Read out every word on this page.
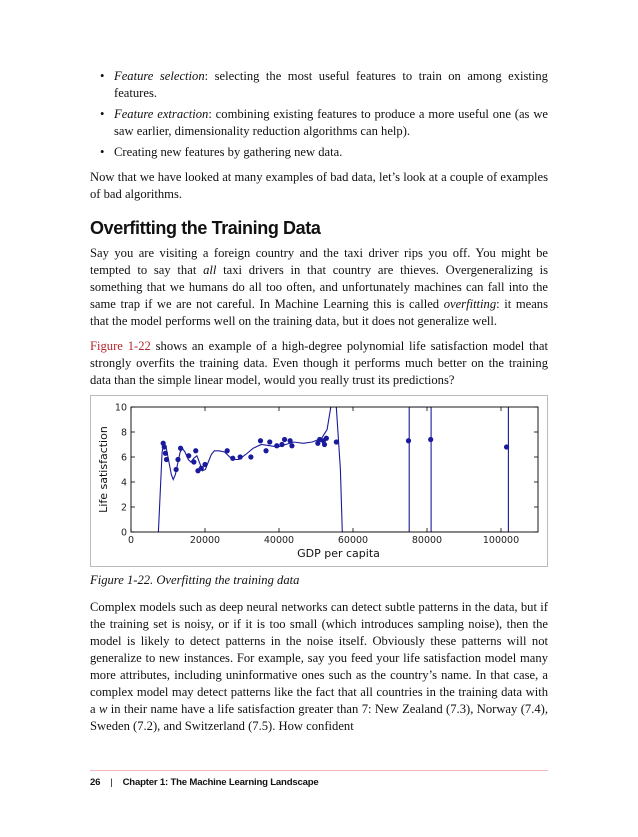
• Feature selection: selecting the most useful features to train on among existing features.
• Feature extraction: combining existing features to produce a more useful one (as we saw earlier, dimensionality reduction algorithms can help).
• Creating new features by gathering new data.

Now that we have looked at many examples of bad data, let’s look at a couple of examples of bad algorithms.

Overfitting the Training Data

Say you are visiting a foreign country and the taxi driver rips you off. You might be tempted to say that all taxi drivers in that country are thieves. Overgeneralizing is something that we humans do all too often, and unfortunately machines can fall into the same trap if we are not careful. In Machine Learning this is called overfitting: it means that the model performs well on the training data, but it does not generalize well.

Figure 1-22 shows an example of a high-degree polynomial life satisfaction model that strongly overfits the training data. Even though it performs much better on the training data than the simple linear model, would you really trust its predictions?

0	20000	40000	60000	80000	100000
0
2
4
6
8
10
GDP per capita
Life satisfaction
Figure 1-22. Overfitting the training data

Complex models such as deep neural networks can detect subtle patterns in the data, but if the training set is noisy, or if it is too small (which introduces sampling noise), then the model is likely to detect patterns in the noise itself. Obviously these patterns will not generalize to new instances. For example, say you feed your life satisfaction model many more attributes, including uninformative ones such as the country’s name. In that case, a complex model may detect patterns like the fact that all countries in the training data with a w in their name have a life satisfaction greater than 7: New Zealand (7.3), Norway (7.4), Sweden (7.2), and Switzerland (7.5). How confident

26 | Chapter 1: The Machine Learning Landscape
